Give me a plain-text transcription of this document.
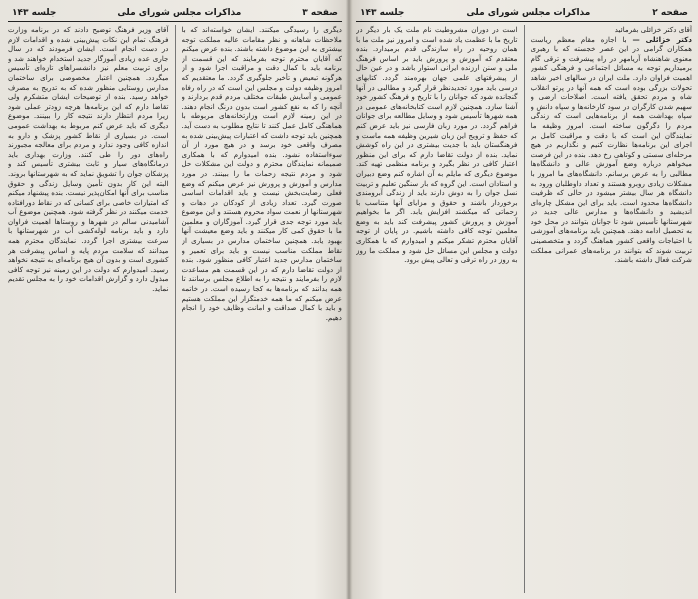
صفحه ۳
مذاکرات مجلس شورای ملی
جلسه ۱۴۳

دیگری را رسیدگی میکنند. ایشان خواسته‌اند که با ملاحظات شاهانه و نظر مقامات عالیه مملکت توجه بیشتری به این موضوع داشته باشند. بنده عرض میکنم که آقایان محترم توجه بفرمایند که این قسمت از برنامه باید با کمال دقت و مراقبت اجرا شود و از هرگونه تبعیض و تأخیر جلوگیری گردد. ما معتقدیم که امروز وظیفه دولت و مجلس این است که در راه رفاه عمومی و آسایش طبقات مختلف مردم قدم بردارند و آنچه را که به نفع کشور است بدون درنگ انجام دهند. در این زمینه لازم است وزارتخانه‌های مربوطه با هماهنگی کامل عمل کنند تا نتایج مطلوب به دست آید. همچنین باید توجه داشت که اعتبارات پیش‌بینی شده به مصرف واقعی خود برسد و در هیچ مورد از آن سوءاستفاده نشود. بنده امیدوارم که با همکاری صمیمانه نمایندگان محترم و دولت این مشکلات حل شود و مردم نتیجه زحمات ما را ببینند. در مورد مدارس و آموزش و پرورش نیز عرض میکنم که وضع فعلی رضایت‌بخش نیست و باید اقدامات اساسی صورت گیرد. تعداد زیادی از کودکان در دهات و شهرستانها از نعمت سواد محروم هستند و این موضوع باید مورد توجه جدی قرار گیرد. آموزگاران و معلمین ما با حقوق کمی کار میکنند و باید وضع معیشت آنها بهبود یابد. همچنین ساختمان مدارس در بسیاری از نقاط مملکت مناسب نیست و باید برای تعمیر و ساختمان مدارس جدید اعتبار کافی منظور شود. بنده از دولت تقاضا دارم که در این قسمت هم مساعدت لازم را بفرمایند و نتیجه را به اطلاع مجلس برسانند تا همه بدانند که برنامه‌ها به کجا رسیده است. در خاتمه عرض میکنم که ما همه خدمتگزار این مملکت هستیم و باید با کمال صداقت و امانت وظایف خود را انجام دهیم.

آقای وزیر فرهنگ توضیح دادند که در برنامه وزارت فرهنگ تمام این نکات پیش‌بینی شده و اقدامات لازم در دست انجام است. ایشان فرمودند که در سال جاری عده زیادی آموزگار جدید استخدام خواهند شد و برای تربیت معلم نیز دانشسراهای تازه‌ای تأسیس میگردد. همچنین اعتبار مخصوصی برای ساختمان مدارس روستایی منظور شده که به تدریج به مصرف خواهد رسید. بنده از توضیحات ایشان متشکرم ولی تقاضا دارم که این برنامه‌ها هرچه زودتر عملی شود زیرا مردم انتظار دارند نتیجه کار را ببینند. موضوع دیگری که باید عرض کنم مربوط به بهداشت عمومی است. در بسیاری از نقاط کشور پزشک و دارو به اندازه کافی وجود ندارد و مردم برای معالجه مجبورند راه‌های دور را طی کنند. وزارت بهداری باید درمانگاه‌های سیار و ثابت بیشتری تأسیس کند و پزشکان جوان را تشویق نماید که به شهرستانها بروند. البته این کار بدون تأمین وسایل زندگی و حقوق مناسب برای آنها امکان‌پذیر نیست. بنده پیشنهاد میکنم که امتیازات خاصی برای کسانی که در نقاط دورافتاده خدمت میکنند در نظر گرفته شود. همچنین موضوع آب آشامیدنی سالم در شهرها و روستاها اهمیت فراوان دارد و باید برنامه لوله‌کشی آب در شهرستانها با سرعت بیشتری اجرا گردد. نمایندگان محترم همه میدانند که سلامت مردم پایه و اساس پیشرفت هر کشوری است و بدون آن هیچ برنامه‌ای به نتیجه نخواهد رسید. امیدوارم که دولت در این زمینه نیز توجه کافی مبذول دارد و گزارش اقدامات خود را به مجلس تقدیم نماید.

صفحه ۲
مذاکرات مجلس شورای ملی
جلسه ۱۴۳

آقای دکتر خزائلی بفرمائید

دکتر خزائلی — با اجازه مقام معظم ریاست همکاران گرامی در این عصر خجسته که با رهبری معنوی شاهنشاه آریامهر در راه پیشرفت و ترقی گام برمیداریم توجه به مسائل اجتماعی و فرهنگی کشور اهمیت فراوان دارد. ملت ایران در سالهای اخیر شاهد تحولات بزرگی بوده است که همه آنها در پرتو انقلاب شاه و مردم تحقق یافته است. اصلاحات ارضی و سهیم شدن کارگران در سود کارخانه‌ها و سپاه دانش و سپاه بهداشت همه از برنامه‌هایی است که زندگی مردم را دگرگون ساخته است. امروز وظیفه ما نمایندگان این است که با دقت و مراقبت کامل بر اجرای این برنامه‌ها نظارت کنیم و نگذاریم در هیچ مرحله‌ای سستی و کوتاهی رخ دهد. بنده در این فرصت میخواهم درباره وضع آموزش عالی و دانشگاه‌ها مطالبی را به عرض برسانم. دانشگاه‌های ما امروز با مشکلات زیادی روبرو هستند و تعداد داوطلبان ورود به دانشگاه هر سال بیشتر میشود در حالی که ظرفیت دانشگاه‌ها محدود است. باید برای این مشکل چاره‌ای اندیشید و دانشگاه‌ها و مدارس عالی جدید در شهرستانها تأسیس شود تا جوانان بتوانند در محل خود به تحصیل ادامه دهند. همچنین باید برنامه‌های آموزشی با احتیاجات واقعی کشور هماهنگ گردد و متخصصینی تربیت شوند که بتوانند در برنامه‌های عمرانی مملکت شرکت فعال داشته باشند.

است در دوران مشروطیت نام ملت یک بار دیگر در تاریخ ما با عظمت یاد شده است و امروز نیز ملت ما با همان روحیه در راه سازندگی قدم برمیدارد. بنده معتقدم که آموزش و پرورش باید بر اساس فرهنگ ملی و سنن ارزنده ایرانی استوار باشد و در عین حال از پیشرفتهای علمی جهان بهره‌مند گردد. کتابهای درسی باید مورد تجدیدنظر قرار گیرد و مطالبی در آنها گنجانده شود که جوانان را با تاریخ و فرهنگ کشور خود آشنا سازد. همچنین لازم است کتابخانه‌های عمومی در همه شهرها تأسیس شود و وسایل مطالعه برای جوانان فراهم گردد. در مورد زبان فارسی نیز باید عرض کنم که حفظ و ترویج این زبان شیرین وظیفه همه ماست و فرهنگستان باید با جدیت بیشتری در این راه کوشش نماید. بنده از دولت تقاضا دارم که برای این منظور اعتبار کافی در نظر بگیرد و برنامه منظمی تهیه کند. موضوع دیگری که مایلم به آن اشاره کنم وضع دبیران و استادان است. این گروه که بار سنگین تعلیم و تربیت نسل جوان را به دوش دارند باید از زندگی آبرومندی برخوردار باشند و حقوق و مزایای آنها متناسب با زحماتی که میکشند افزایش یابد. اگر ما بخواهیم آموزش و پرورش کشور پیشرفت کند باید به وضع معلمین توجه کافی داشته باشیم. در پایان از توجه آقایان محترم تشکر میکنم و امیدوارم که با همکاری دولت و مجلس این مسائل حل شود و مملکت ما روز به روز در راه ترقی و تعالی پیش برود.
